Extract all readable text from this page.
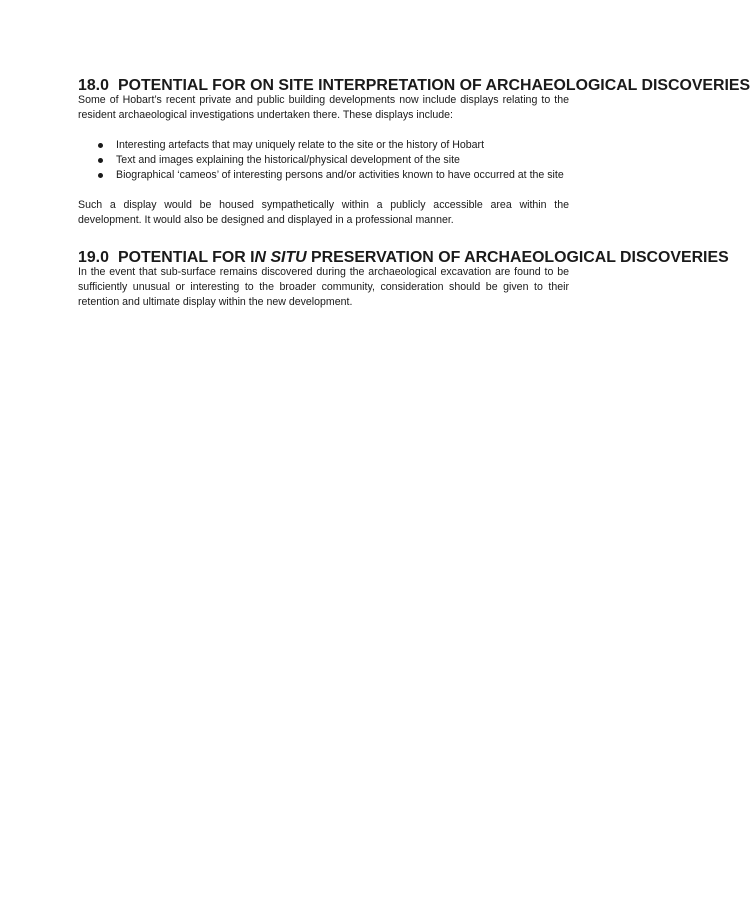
18.0 POTENTIAL FOR ON SITE INTERPRETATION OF ARCHAEOLOGICAL DISCOVERIES

Some of Hobart’s recent private and public building developments now include displays relating to the resident archaeological investigations undertaken there. These displays include:

Interesting artefacts that may uniquely relate to the site or the history of Hobart
Text and images explaining the historical/physical development of the site
Biographical ‘cameos’ of interesting persons and/or activities known to have occurred at the site

Such a display would be housed sympathetically within a publicly accessible area within the development. It would also be designed and displayed in a professional manner.

19.0 POTENTIAL FOR IN SITU PRESERVATION OF ARCHAEOLOGICAL DISCOVERIES

In the event that sub-surface remains discovered during the archaeological excavation are found to be sufficiently unusual or interesting to the broader community, consideration should be given to their retention and ultimate display within the new development.
